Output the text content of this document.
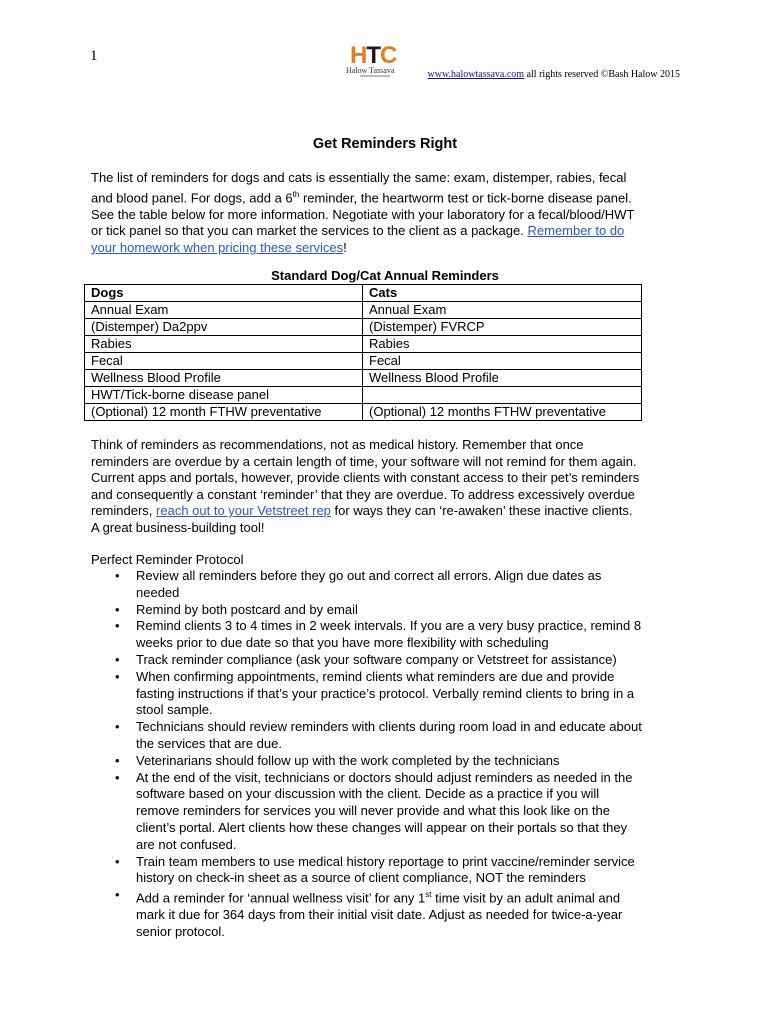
1	HTC
Halow Tassava	www.halowtassava.com all rights reserved ©Bash Halow 2015
Get Reminders Right

The list of reminders for dogs and cats is essentially the same: exam, distemper, rabies, fecal

and blood panel. For dogs, add a 6th reminder, the heartworm test or tick-borne disease panel.

See the table below for more information. Negotiate with your laboratory for a fecal/blood/HWT

or tick panel so that you can market the services to the client as a package. Remember to do

your homework when pricing these services!

Standard Dog/Cat Annual Reminders
Dogs	Cats
Annual Exam	Annual Exam
(Distemper) Da2ppv	(Distemper) FVRCP
Rabies	Rabies
Fecal	Fecal
Wellness Blood Profile	Wellness Blood Profile
HWT/Tick-borne disease panel	
(Optional) 12 month FTHW preventative	(Optional) 12 months FTHW preventative

Think of reminders as recommendations, not as medical history. Remember that once

reminders are overdue by a certain length of time, your software will not remind for them again.

Current apps and portals, however, provide clients with constant access to their pet’s reminders

and consequently a constant ‘reminder’ that they are overdue. To address excessively overdue

reminders, reach out to your Vetstreet rep for ways they can ‘re-awaken’ these inactive clients.

A great business-building tool!

Perfect Reminder Protocol
• Review all reminders before they go out and correct all errors. Align due dates as
needed
• Remind by both postcard and by email
• Remind clients 3 to 4 times in 2 week intervals. If you are a very busy practice, remind 8
weeks prior to due date so that you have more flexibility with scheduling
• Track reminder compliance (ask your software company or Vetstreet for assistance)
• When confirming appointments, remind clients what reminders are due and provide
fasting instructions if that’s your practice’s protocol. Verbally remind clients to bring in a
stool sample.
• Technicians should review reminders with clients during room load in and educate about
the services that are due.
• Veterinarians should follow up with the work completed by the technicians
• At the end of the visit, technicians or doctors should adjust reminders as needed in the
software based on your discussion with the client. Decide as a practice if you will
remove reminders for services you will never provide and what this look like on the
client’s portal. Alert clients how these changes will appear on their portals so that they
are not confused.
• Train team members to use medical history reportage to print vaccine/reminder service
history on check-in sheet as a source of client compliance, NOT the reminders
• Add a reminder for ‘annual wellness visit’ for any 1st time visit by an adult animal and
mark it due for 364 days from their initial visit date. Adjust as needed for twice-a-year
senior protocol.
